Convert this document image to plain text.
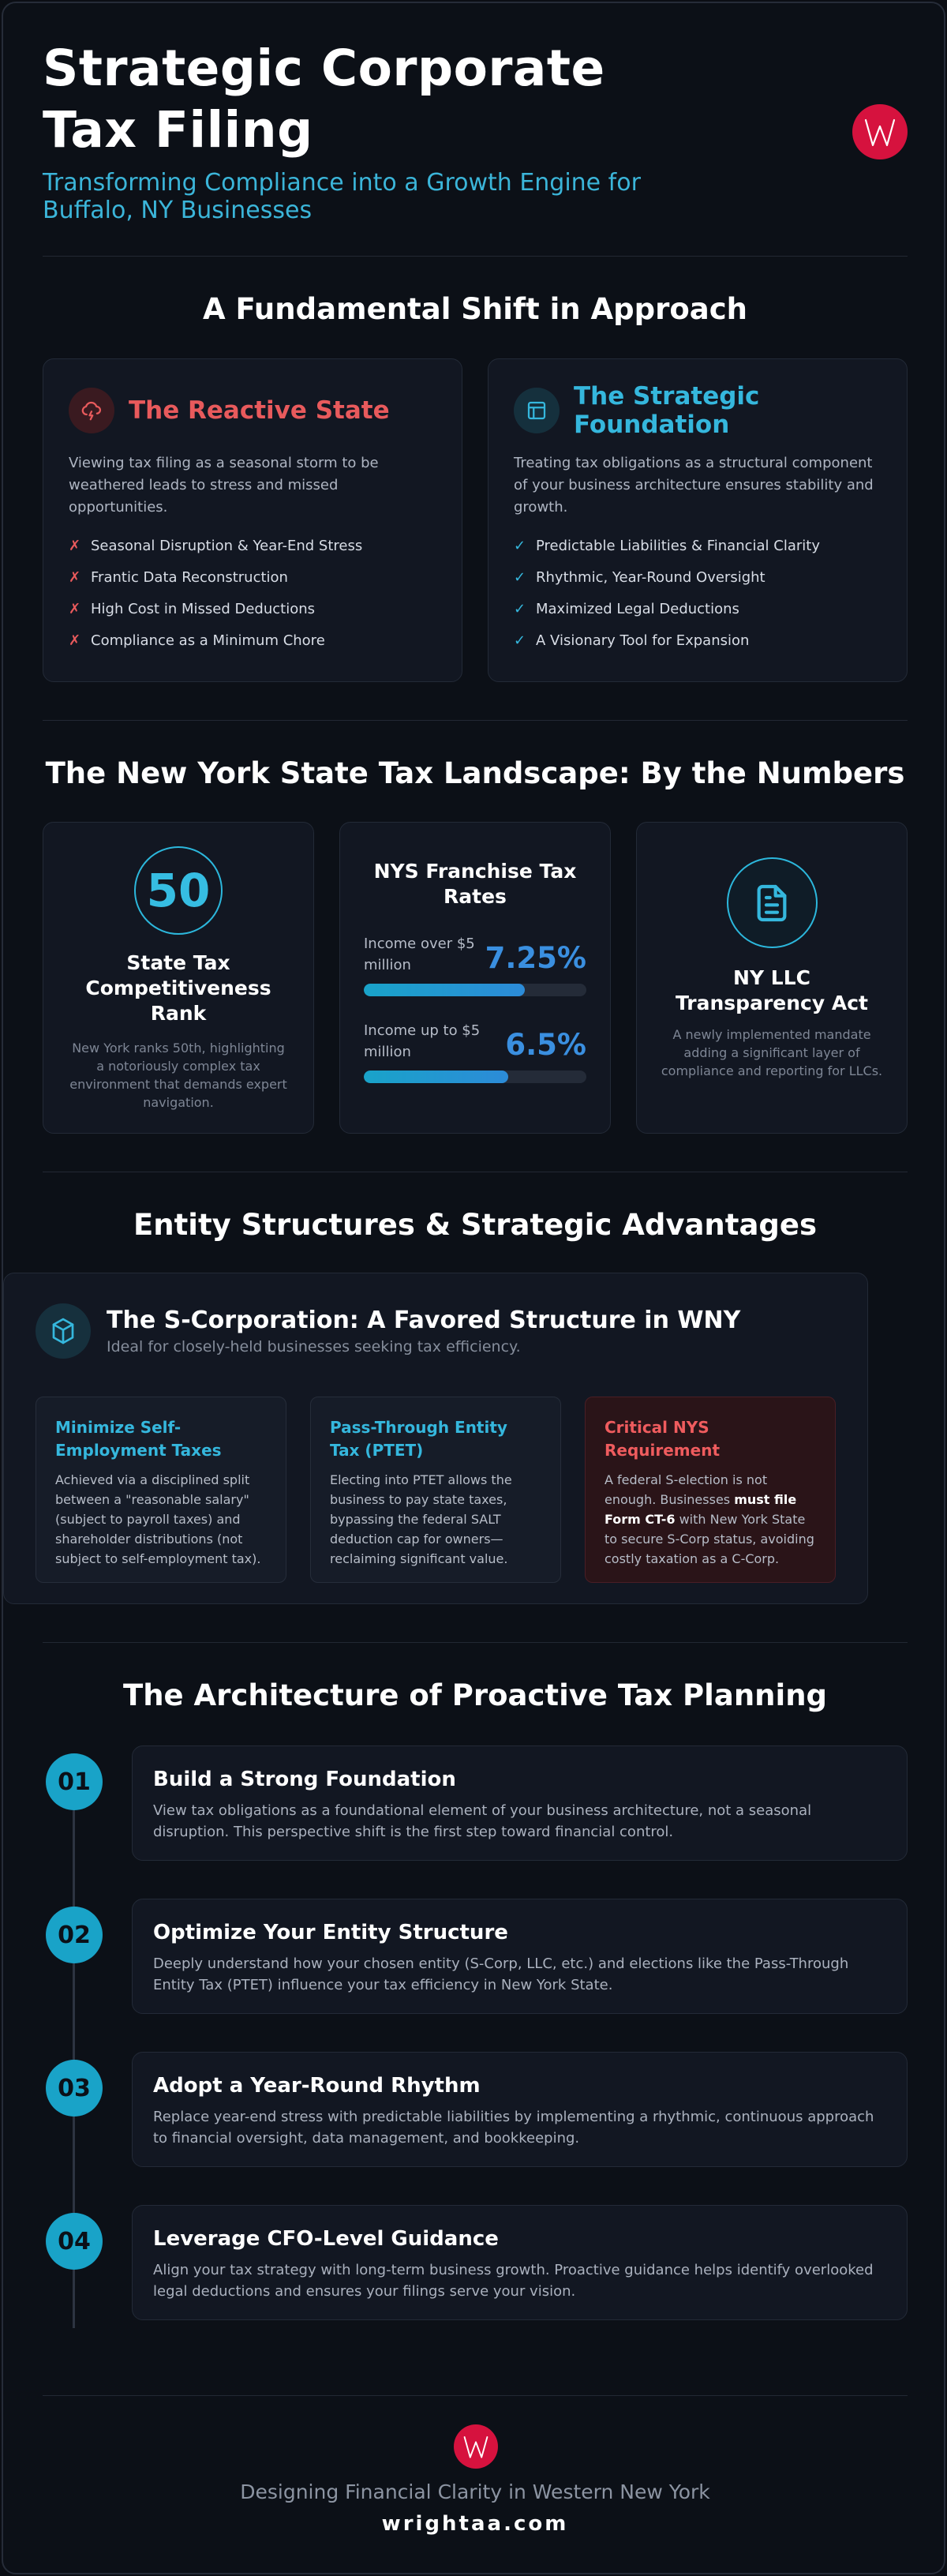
Strategic Corporate Tax Filing
Transforming Compliance into a Growth Engine for Buffalo, NY Businesses
A Fundamental Shift in Approach
The Reactive State
Viewing tax filing as a seasonal storm to be weathered leads to stress and missed opportunities.
✗ Seasonal Disruption & Year-End Stress
✗ Frantic Data Reconstruction
✗ High Cost in Missed Deductions
✗ Compliance as a Minimum Chore
The Strategic Foundation
Treating tax obligations as a structural component of your business architecture ensures stability and growth.
✓ Predictable Liabilities & Financial Clarity
✓ Rhythmic, Year-Round Oversight
✓ Maximized Legal Deductions
✓ A Visionary Tool for Expansion
The New York State Tax Landscape: By the Numbers
50
State Tax Competitiveness Rank
New York ranks 50th, highlighting a notoriously complex tax environment that demands expert navigation.
NYS Franchise Tax Rates
Income over $5 million	7.25%
Income up to $5 million	6.5%
NY LLC Transparency Act
A newly implemented mandate adding a significant layer of compliance and reporting for LLCs.
Entity Structures & Strategic Advantages
The S-Corporation: A Favored Structure in WNY
Ideal for closely-held businesses seeking tax efficiency.
Minimize Self-Employment Taxes

Achieved via a disciplined split between a "reasonable salary" (subject to payroll taxes) and shareholder distributions (not subject to self-employment tax).

Pass-Through Entity Tax (PTET)

Electing into PTET allows the business to pay state taxes, bypassing the federal SALT deduction cap for owners—reclaiming significant value.

Critical NYS Requirement

A federal S-election is not enough. Businesses must file Form CT-6 with New York State to secure S-Corp status, avoiding costly taxation as a C-Corp.

The Architecture of Proactive Tax Planning
01	Build a Strong Foundation

View tax obligations as a foundational element of your business architecture, not a seasonal disruption. This perspective shift is the first step toward financial control.

02	Optimize Your Entity Structure

Deeply understand how your chosen entity (S-Corp, LLC, etc.) and elections like the Pass-Through Entity Tax (PTET) influence your tax efficiency in New York State.

03	Adopt a Year-Round Rhythm

Replace year-end stress with predictable liabilities by implementing a rhythmic, continuous approach to financial oversight, data management, and bookkeeping.

04	Leverage CFO-Level Guidance

Align your tax strategy with long-term business growth. Proactive guidance helps identify overlooked legal deductions and ensures your filings serve your vision.

Designing Financial Clarity in Western New York
wrightaa.com
